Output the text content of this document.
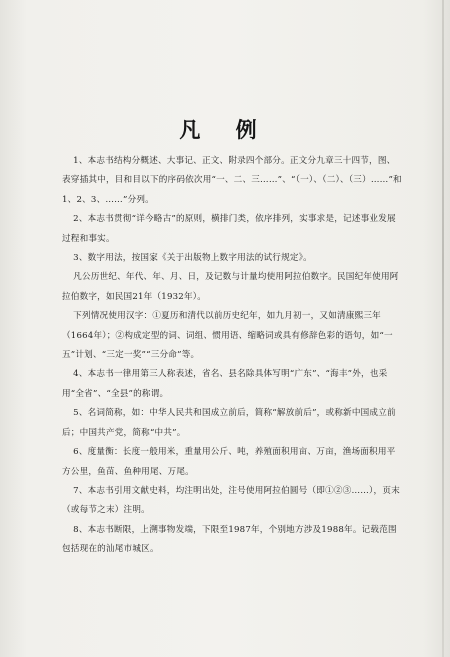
凡 例

1、本志书结构分概述、大事记、正文、附录四个部分。正文分九章三十四节，图、表穿插其中，目和目以下的序码依次用“一、二、三……”、“（一）、（二）、（三）……”和1、2、3、……”分列。

2、本志书贯彻“详今略古”的原则，横排门类，依序排列，实事求是，记述事业发展过程和事实。

3、数字用法，按国家《关于出版物上数字用法的试行规定》。

凡公历世纪、年代、年、月、日，及记数与计量均使用阿拉伯数字。民国纪年使用阿拉伯数字，如民国21年（1932年）。

下列情况使用汉字：①夏历和清代以前历史纪年，如九月初一，又如清康熙三年（1664年）；②构成定型的词、词组、惯用语、缩略词或具有修辞色彩的语句，如“一五”计划、“三定一奖”“三分命”等。

4、本志书一律用第三人称表述，省名、县名除具体写明“广东”、“海丰”外，也采用“全省”、“全县”的称谓。

5、名词简称，如：中华人民共和国成立前后，简称“解放前后”，或称新中国成立前后；中国共产党，简称“中共”。

6、度量衡：长度一般用米，重量用公斤、吨，养殖面积用亩、万亩，渔场面积用平方公里，鱼苗、鱼种用尾、万尾。

7、本志书引用文献史料，均注明出处，注号使用阿拉伯圆号（即①②③……），页末（或每节之末）注明。

8、本志书断限，上溯事物发端，下限至1987年，个别地方涉及1988年。记载范围包括现在的汕尾市城区。
